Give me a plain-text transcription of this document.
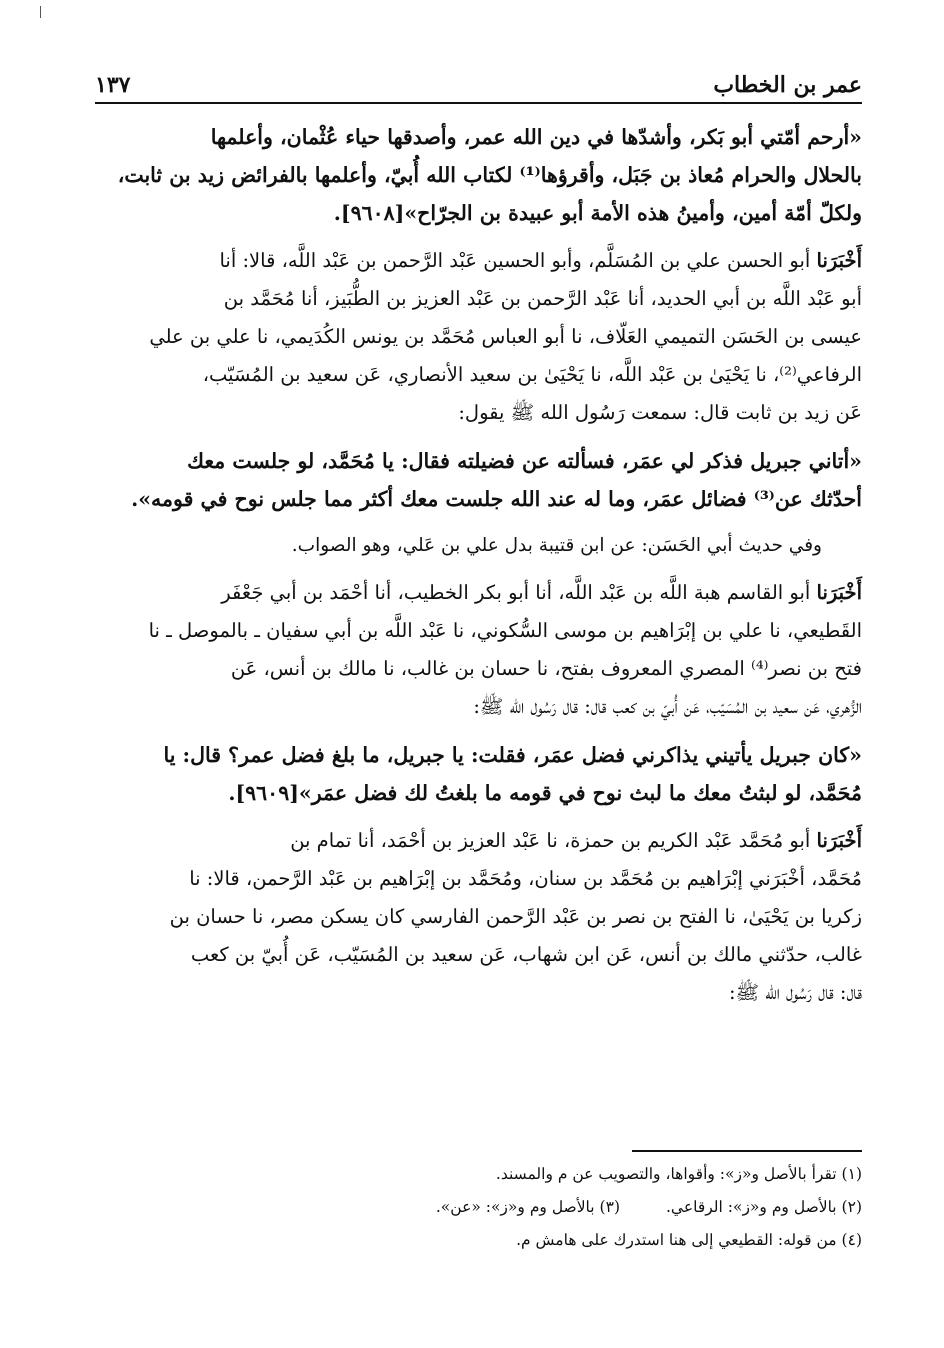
عمر بن الخطاب
١٣٧
«أرحم أمّتي أبو بَكر، وأشدّها في دين الله عمر، وأصدقها حياء عُثْمان، وأعلمها
بالحلال والحرام مُعاذ بن جَبَل، وأقرؤها⁽¹⁾ لكتاب الله أُبيّ، وأعلمها بالفرائض زيد بن ثابت،
ولكلّ أمّة أمين، وأمينُ هذه الأمة أبو عبيدة بن الجرّاح»[٩٦٠٨].
أَخْبَرَنا أبو الحسن علي بن المُسَلَّم، وأبو الحسين عَبْد الرَّحمن بن عَبْد اللَّه، قالا: أنا
أبو عَبْد اللَّه بن أبي الحديد، أنا عَبْد الرَّحمن بن عَبْد العزيز بن الطُّبَيز، أنا مُحَمَّد بن
عيسى بن الحَسَن التميمي العَلّاف، نا أبو العباس مُحَمَّد بن يونس الكُدَيمي، نا علي بن علي
الرفاعي⁽²⁾، نا يَحْيَىٰ بن عَبْد اللَّه، نا يَحْيَىٰ بن سعيد الأنصاري، عَن سعيد بن المُسَيّب،
عَن زيد بن ثابت قال: سمعت رَسُول الله ﷺ يقول:
«أتاني جبريل فذكر لي عمَر، فسألته عن فضيلته فقال: يا مُحَمَّد، لو جلست معك
أحدّثك عن⁽³⁾ فضائل عمَر، وما له عند الله جلست معك أكثر مما جلس نوح في قومه».
وفي حديث أبي الحَسَن: عن ابن قتيبة بدل علي بن عَلي، وهو الصواب.
أَخْبَرَنا أبو القاسم هبة اللَّه بن عَبْد اللَّه، أنا أبو بكر الخطيب، أنا أحْمَد بن أبي جَعْفَر
القَطيعي، نا علي بن إبْرَاهيم بن موسى السُّكوني، نا عَبْد اللَّه بن أبي سفيان ـ بالموصل ـ نا
فتح بن نصر⁽⁴⁾ المصري المعروف بفتح، نا حسان بن غالب، نا مالك بن أنس، عَن
الزُّهري، عَن سعيد بن المُسَيّب، عَن أُبيّ بن كعب قال: قال رَسُول الله ﷺ:
«كان جبريل يأتيني يذاكرني فضل عمَر، فقلت: يا جبريل، ما بلغ فضل عمر؟ قال: يا
مُحَمَّد، لو لبثتُ معك ما لبث نوح في قومه ما بلغتُ لك فضل عمَر»[٩٦٠٩].
أَخْبَرَنا أبو مُحَمَّد عَبْد الكريم بن حمزة، نا عَبْد العزيز بن أحْمَد، أنا تمام بن
مُحَمَّد، أخْبَرَني إبْرَاهيم بن مُحَمَّد بن سنان، ومُحَمَّد بن إبْرَاهيم بن عَبْد الرَّحمن، قالا: نا
زكريا بن يَحْيَىٰ، نا الفتح بن نصر بن عَبْد الرَّحمن الفارسي كان يسكن مصر، نا حسان بن
غالب، حدّثني مالك بن أنس، عَن ابن شهاب، عَن سعيد بن المُسَيّب، عَن أُبيّ بن كعب
قال: قال رَسُول الله ﷺ:
(١) تقرأ بالأصل و«ز»: وأقواها، والتصويب عن م والمسند.
(٢) بالأصل وم و«ز»: الرقاعي.
(٣) بالأصل وم و«ز»: «عن».
(٤) من قوله: القطيعي إلى هنا استدرك على هامش م.
